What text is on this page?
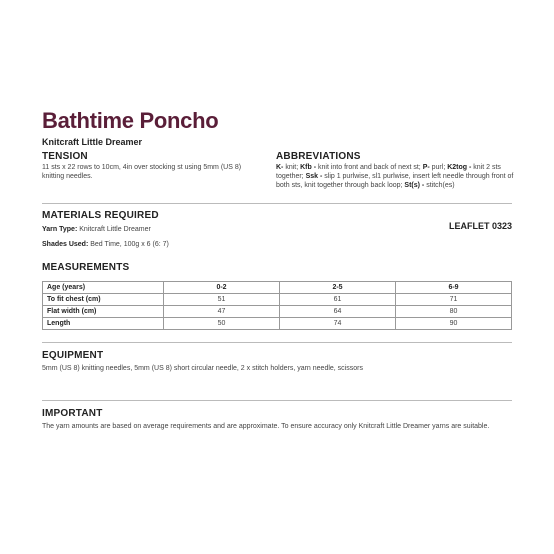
Bathtime Poncho
Knitcraft Little Dreamer
TENSION
11 sts x 22 rows to 10cm, 4in over stocking st using 5mm (US 8) knitting needles.
ABBREVIATIONS
K- knit; Kfb - knit into front and back of next st; P- purl; K2tog - knit 2 sts together; Ssk - slip 1 purlwise, sl1 purlwise, insert left needle through front of both sts, knit together through back loop; St(s) - stitch(es)
MATERIALS REQUIRED
Yarn Type: Knitcraft Little Dreamer
Shades Used: Bed Time, 100g x 6 (6: 7)
LEAFLET 0323
MEASUREMENTS
Age (years)	0-2	2-5	6-9
To fit chest (cm)	51	61	71
Flat width (cm)	47	64	80
Length	50	74	90
EQUIPMENT
5mm (US 8) knitting needles, 5mm (US 8) short circular needle, 2 x stitch holders, yarn needle, scissors
IMPORTANT
The yarn amounts are based on average requirements and are approximate. To ensure accuracy only Knitcraft Little Dreamer yarns are suitable.
